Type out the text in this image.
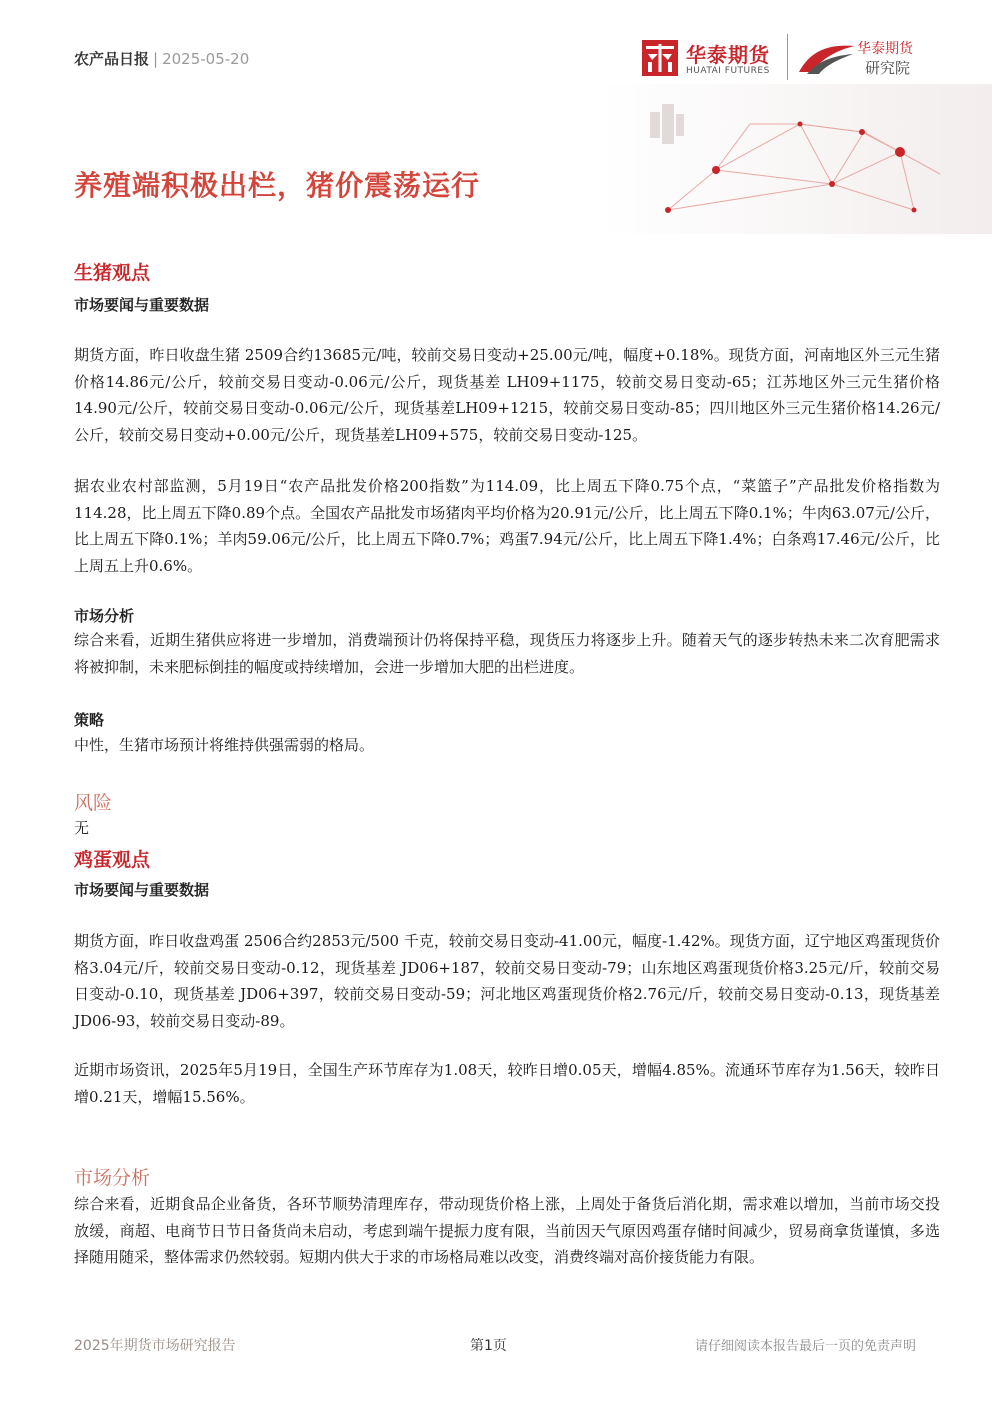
农产品日报 | 2025-05-20	华泰期货
HUATAI FUTURES
华泰期货
研究院
养殖端积极出栏，猪价震荡运行
生猪观点
市场要闻与重要数据
期货方面，昨日收盘生猪 2509合约13685元/吨，较前交易日变动+25.00元/吨，幅度+0.18%。现货方面，河南地区外三元生猪价格14.86元/公斤，较前交易日变动-0.06元/公斤，现货基差 LH09+1175，较前交易日变动-65；江苏地区外三元生猪价格 14.90元/公斤，较前交易日变动-0.06元/公斤，现货基差LH09+1215，较前交易日变动-85；四川地区外三元生猪价格14.26元/公斤，较前交易日变动+0.00元/公斤，现货基差LH09+575，较前交易日变动-125。
据农业农村部监测，5月19日“农产品批发价格200指数”为114.09，比上周五下降0.75个点，“菜篮子”产品批发价格指数为114.28，比上周五下降0.89个点。全国农产品批发市场猪肉平均价格为20.91元/公斤，比上周五下降0.1%；牛肉63.07元/公斤，比上周五下降0.1%；羊肉59.06元/公斤，比上周五下降0.7%；鸡蛋7.94元/公斤，比上周五下降1.4%；白条鸡17.46元/公斤，比上周五上升0.6%。
市场分析
综合来看，近期生猪供应将进一步增加，消费端预计仍将保持平稳，现货压力将逐步上升。随着天气的逐步转热未来二次育肥需求将被抑制，未来肥标倒挂的幅度或持续增加，会进一步增加大肥的出栏进度。
策略
中性，生猪市场预计将维持供强需弱的格局。
风险
无
鸡蛋观点
市场要闻与重要数据
期货方面，昨日收盘鸡蛋 2506合约2853元/500 千克，较前交易日变动-41.00元，幅度-1.42%。现货方面，辽宁地区鸡蛋现货价格3.04元/斤，较前交易日变动-0.12，现货基差 JD06+187，较前交易日变动-79；山东地区鸡蛋现货价格3.25元/斤，较前交易日变动-0.10，现货基差 JD06+397，较前交易日变动-59；河北地区鸡蛋现货价格2.76元/斤，较前交易日变动-0.13，现货基差 JD06-93，较前交易日变动-89。
近期市场资讯，2025年5月19日，全国生产环节库存为1.08天，较昨日增0.05天，增幅4.85%。流通环节库存为1.56天，较昨日增0.21天，增幅15.56%。
市场分析
综合来看，近期食品企业备货，各环节顺势清理库存，带动现货价格上涨，上周处于备货后消化期，需求难以增加，当前市场交投放缓，商超、电商节日节日备货尚未启动，考虑到端午提振力度有限，当前因天气原因鸡蛋存储时间减少，贸易商拿货谨慎，多选择随用随采，整体需求仍然较弱。短期内供大于求的市场格局难以改变，消费终端对高价接货能力有限。
2025年期货市场研究报告	第1页	请仔细阅读本报告最后一页的免责声明
